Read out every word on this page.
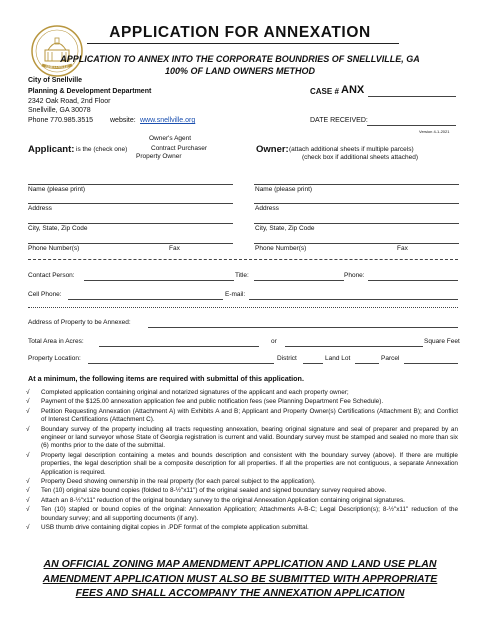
APPLICATION FOR ANNEXATION
SNELLVILLE
APPLICATION TO ANNEX INTO THE CORPORATE BOUNDRIES OF SNELLVILLE, GA
100% OF LAND OWNERS METHOD
City of Snellville
Planning & Development Department
2342 Oak Road, 2nd Floor
Snellville, GA 30078
Phone 770.985.3515 website: www.snellville.org
CASE # ANX
DATE RECEIVED:
Version 4-1-2021
Applicant: is the (check one)
Owner's Agent
Contract Purchaser
Property Owner
Owner: (attach additional sheets if multiple parcels)
(check box if additional sheets attached)
Name (please print)
Address
City, State, Zip Code
Phone Number(s)	Fax
Name (please print)
Address
City, State, Zip Code
Phone Number(s)	Fax
Contact Person:	Title:	Phone:
Cell Phone:	E-mail:
Address of Property to be Annexed:
Total Area in Acres:	or	Square Feet
Property Location:	District	Land Lot	Parcel
At a minimum, the following items are required with submittal of this application.
√	Completed application containing original and notarized signatures of the applicant and each property owner;
√	Payment of the $125.00 annexation application fee and public notification fees (see Planning Department Fee Schedule).
√	Petition Requesting Annexation (Attachment A) with Exhibits A and B; Applicant and Property Owner(s) Certifications (Attachment B); and Conflict of Interest Certifications (Attachment C).
√	Boundary survey of the property including all tracts requesting annexation, bearing original signature and seal of preparer and prepared by an engineer or land surveyor whose State of Georgia registration is current and valid. Boundary survey must be stamped and sealed no more than six (6) months prior to the date of the submittal.
√	Property legal description containing a metes and bounds description and consistent with the boundary survey (above). If there are multiple properties, the legal description shall be a composite description for all properties. If all the properties are not contiguous, a separate Annexation Application is required.
√	Property Deed showing ownership in the real property (for each parcel subject to the application).
√	Ten (10) original size bound copies (folded to 8-½"x11") of the original sealed and signed boundary survey required above.
√	Attach an 8-½"x11" reduction of the original boundary survey to the original Annexation Application containing original signatures.
√	Ten (10) stapled or bound copies of the original: Annexation Application; Attachments A-B-C; Legal Description(s); 8-½"x11" reduction of the boundary survey; and all supporting documents (if any).
√	USB thumb drive containing digital copies in .PDF format of the complete application submittal.
AN OFFICIAL ZONING MAP AMENDMENT APPLICATION AND LAND USE PLAN
AMENDMENT APPLICATION MUST ALSO BE SUBMITTED WITH APPROPRIATE
FEES AND SHALL ACCOMPANY THE ANNEXATION APPLICATION
